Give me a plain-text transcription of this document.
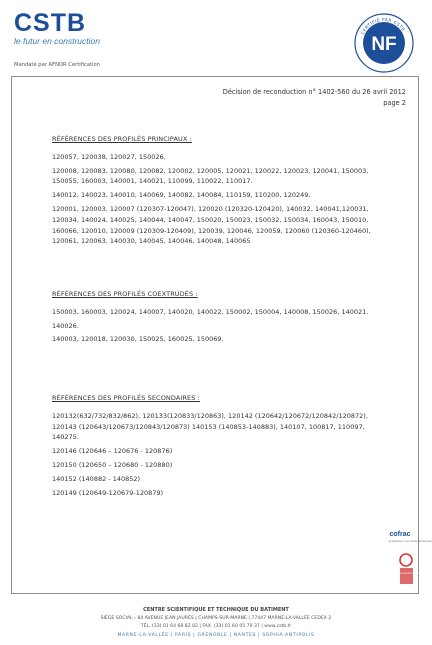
CSTB
le futur en construction
Mandaté par AFNOR Certification
CERTIFIÉ PAR CSTB
NF
Décision de reconduction n° 1402-560 du 26 avril 2012
page 2
RÉFÉRENCES DES PROFILÉS PRINCIPAUX :

120057, 120038, 120027, 150026.

120008, 120083, 120080, 120082, 120002, 120005, 120021, 120022, 120023, 120041, 150003, 150055, 160003, 140001, 140021, 110099, 110022, 110017.

140012, 140023, 140010, 140069, 140082, 140084, 110159, 110200, 120249.

120001, 120003, 120007 (120307-120047), 120020 (120320-120420), 140032, 140041,120031, 120034, 140024, 140025, 140044, 140047, 150020, 150023, 150032, 150034, 160043, 150010, 160066, 120010, 120009 (120309-120409), 120039, 120046, 120059, 120060 (120360-120460), 120061, 120063, 140030, 140045, 140046, 140048, 140065

RÉFÉRENCES DES PROFILÉS COEXTRUDÉS :

150003, 160003, 120024, 140007, 140020, 140022, 150002, 150004, 140008, 150026, 140021.

140026.

140003, 120018, 120030, 150025, 160025, 150069.

RÉFÉRENCES DES PROFILÉS SECONDAIRES :

120132(632/732/832/862), 120133(120833/120863), 120142 (120642/120672/120842/120872), 120143 (120643/120673/120843/120873) 140153 (140853-140883), 140107, 100817, 110097, 140275.

120146 (120646 – 120676 - 120876)

120150 (120650 – 120680 - 120880)

140152 (140882 - 140852)

120149 (120649-120679-120879)

cofrac
ACCRÉDITATION N° 5-0010 PORTÉE DISPONIBLE SUR
CERTIFICATION DE PRODUITS INDUSTRIELS
CENTRE SCIENTIFIQUE ET TECHNIQUE DU BATIMENT
SIÈGE SOCIAL › 84 AVENUE JEAN JAURÈS | CHAMPS-SUR-MARNE | 77447 MARNE-LA-VALLÉE CEDEX 2
TÉL. (33) 01 64 68 82 82 | FAX. (33) 01 60 05 70 37 | www.cstb.fr
MARNE-LA-VALLÉE | PARIS | GRENOBLE | NANTES | SOPHIA-ANTIPOLIS
